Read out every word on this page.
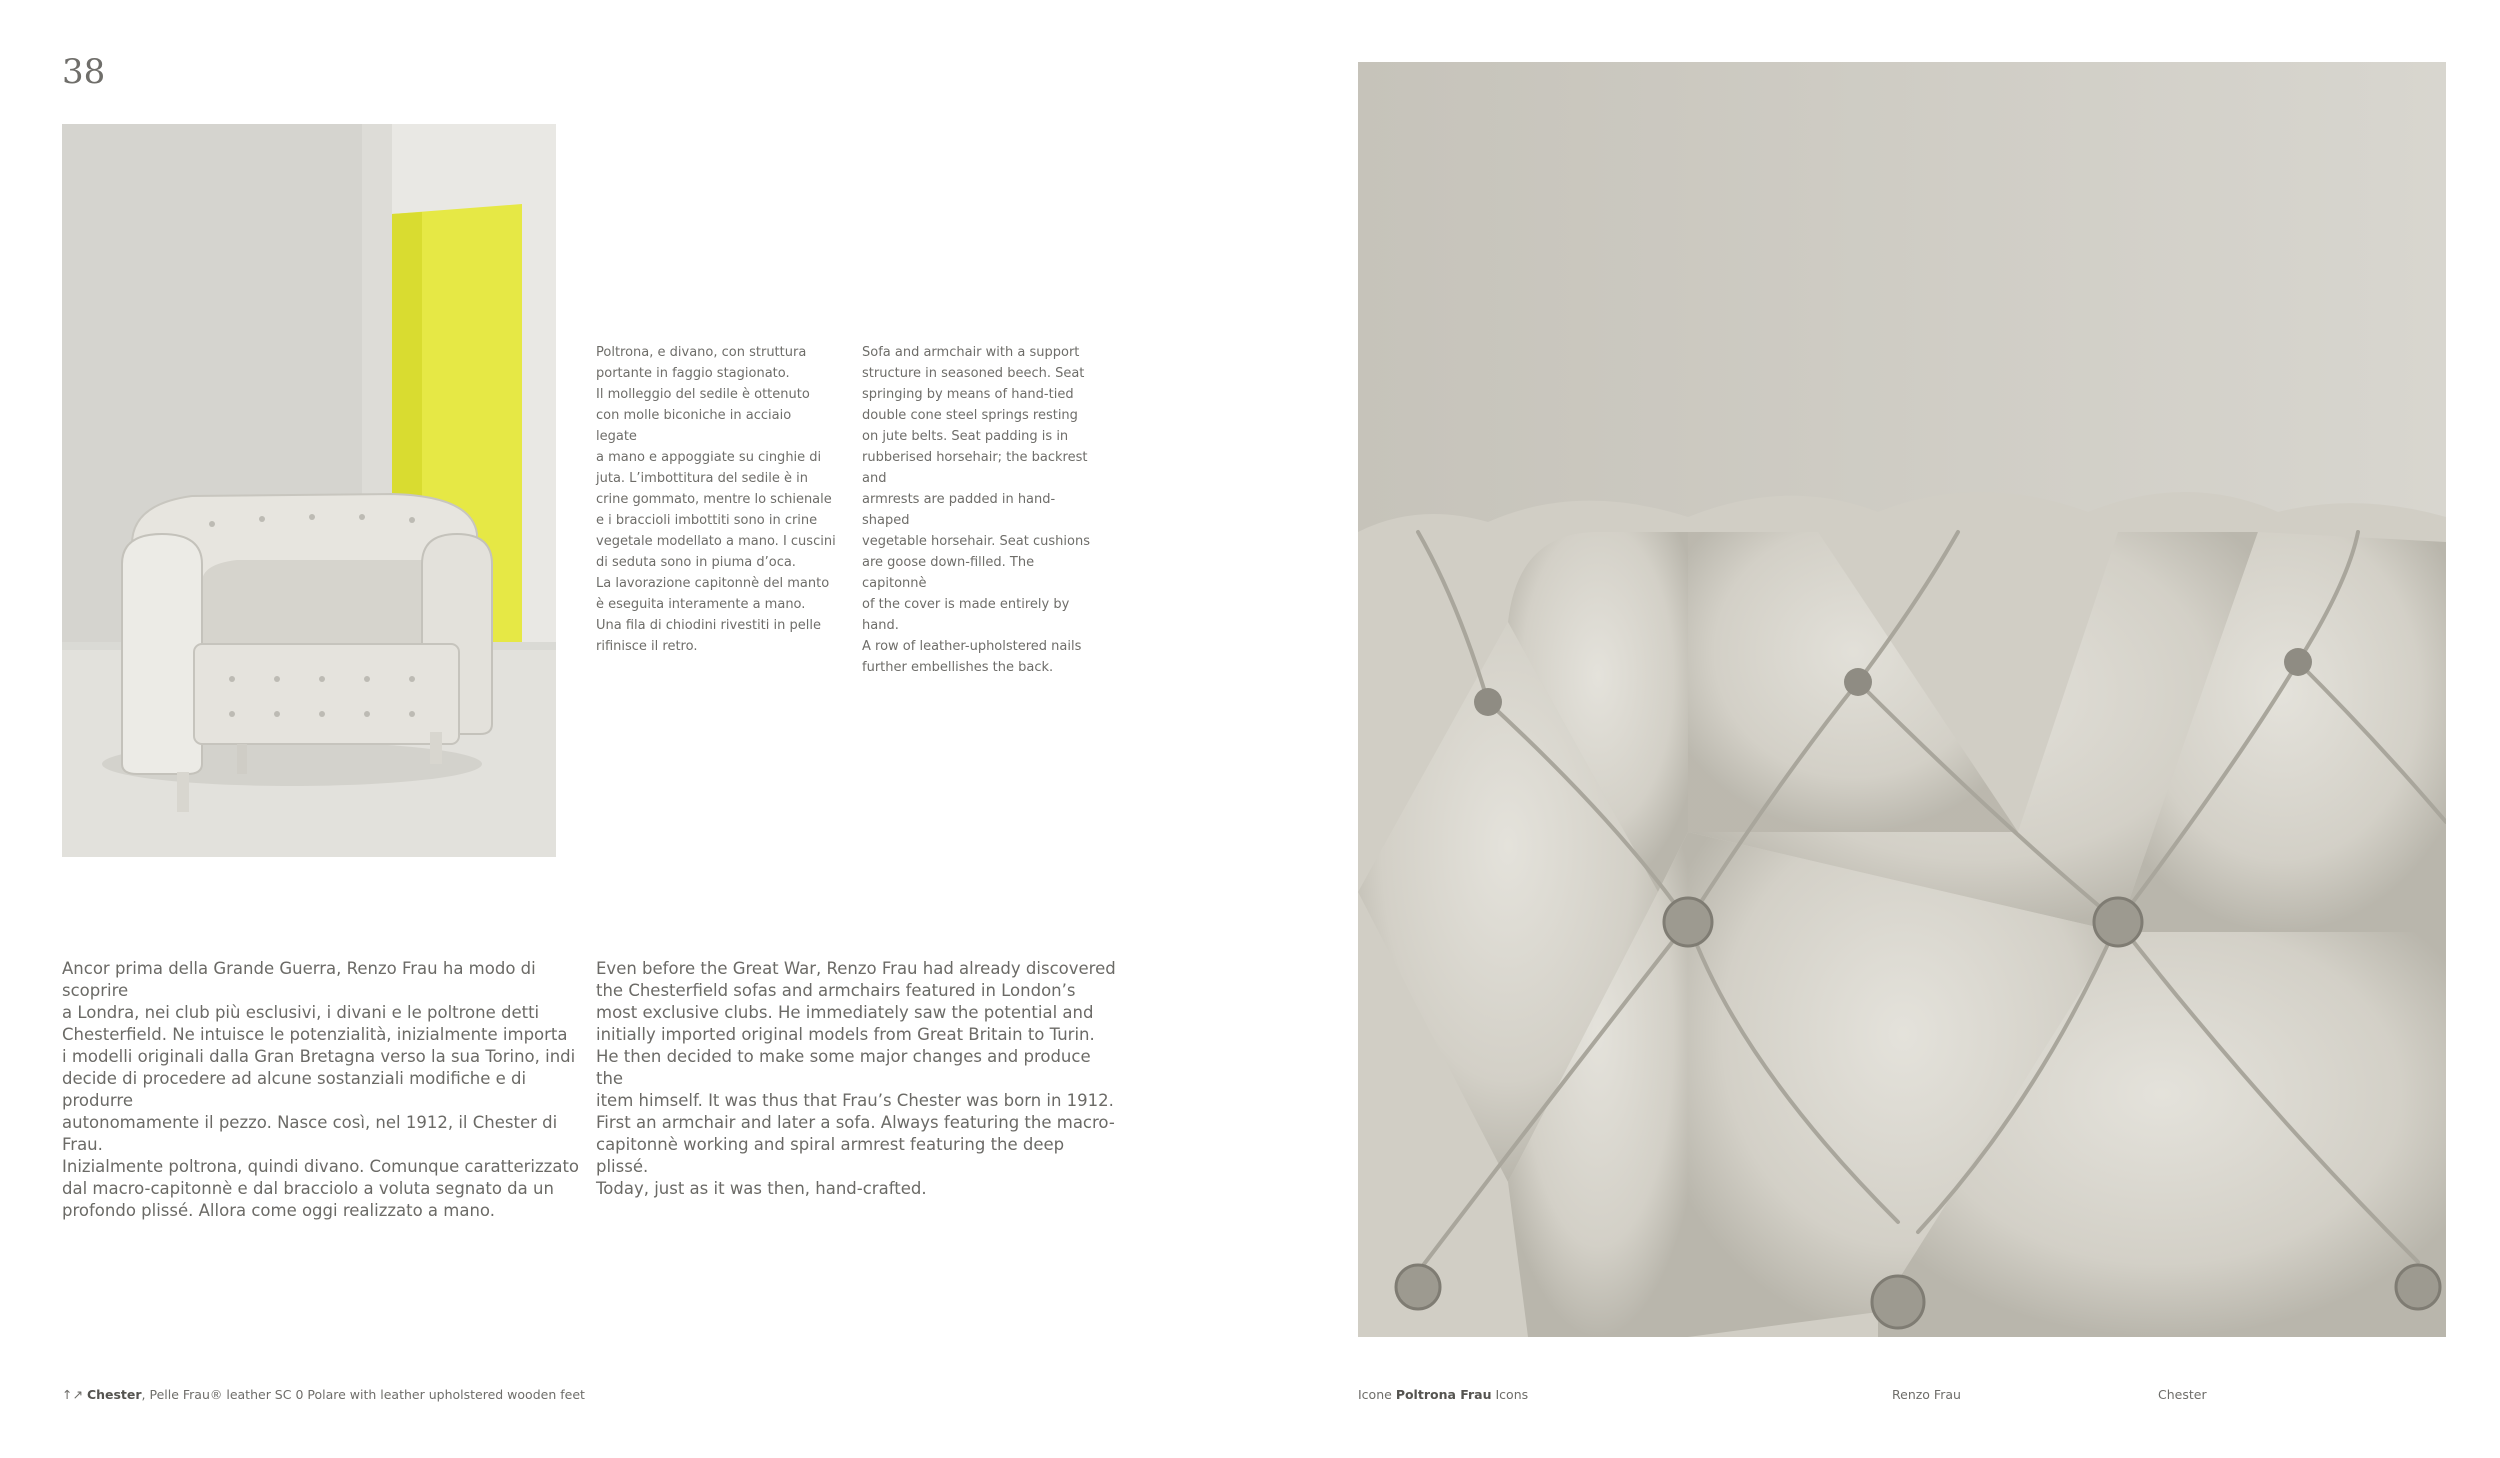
38
Poltrona, e divano, con struttura
portante in faggio stagionato.
Il molleggio del sedile è ottenuto
con molle biconiche in acciaio legate
a mano e appoggiate su cinghie di
juta. L’imbottitura del sedile è in
crine gommato, mentre lo schienale
e i braccioli imbottiti sono in crine
vegetale modellato a mano. I cuscini
di seduta sono in piuma d’oca.
La lavorazione capitonnè del manto
è eseguita interamente a mano.
Una fila di chiodini rivestiti in pelle
rifinisce il retro.
Sofa and armchair with a support
structure in seasoned beech. Seat
springing by means of hand-tied
double cone steel springs resting
on jute belts. Seat padding is in
rubberised horsehair; the backrest and
armrests are padded in hand-shaped
vegetable horsehair. Seat cushions
are goose down-filled. The capitonnè
of the cover is made entirely by hand.
A row of leather-upholstered nails
further embellishes the back.
Ancor prima della Grande Guerra, Renzo Frau ha modo di scoprire
a Londra, nei club più esclusivi, i divani e le poltrone detti
Chesterfield. Ne intuisce le potenzialità, inizialmente importa
i modelli originali dalla Gran Bretagna verso la sua Torino, indi
decide di procedere ad alcune sostanziali modifiche e di produrre
autonomamente il pezzo. Nasce così, nel 1912, il Chester di Frau.
Inizialmente poltrona, quindi divano. Comunque caratterizzato
dal macro-capitonnè e dal bracciolo a voluta segnato da un
profondo plissé. Allora come oggi realizzato a mano.
Even before the Great War, Renzo Frau had already discovered
the Chesterfield sofas and armchairs featured in London’s
most exclusive clubs. He immediately saw the potential and
initially imported original models from Great Britain to Turin.
He then decided to make some major changes and produce the
item himself. It was thus that Frau’s Chester was born in 1912.
First an armchair and later a sofa. Always featuring the macro-
capitonnè working and spiral armrest featuring the deep plissé.
Today, just as it was then, hand-crafted.
↑↗ Chester, Pelle Frau® leather SC 0 Polare with leather upholstered wooden feet	Icone Poltrona Frau Icons	Renzo Frau	Chester
